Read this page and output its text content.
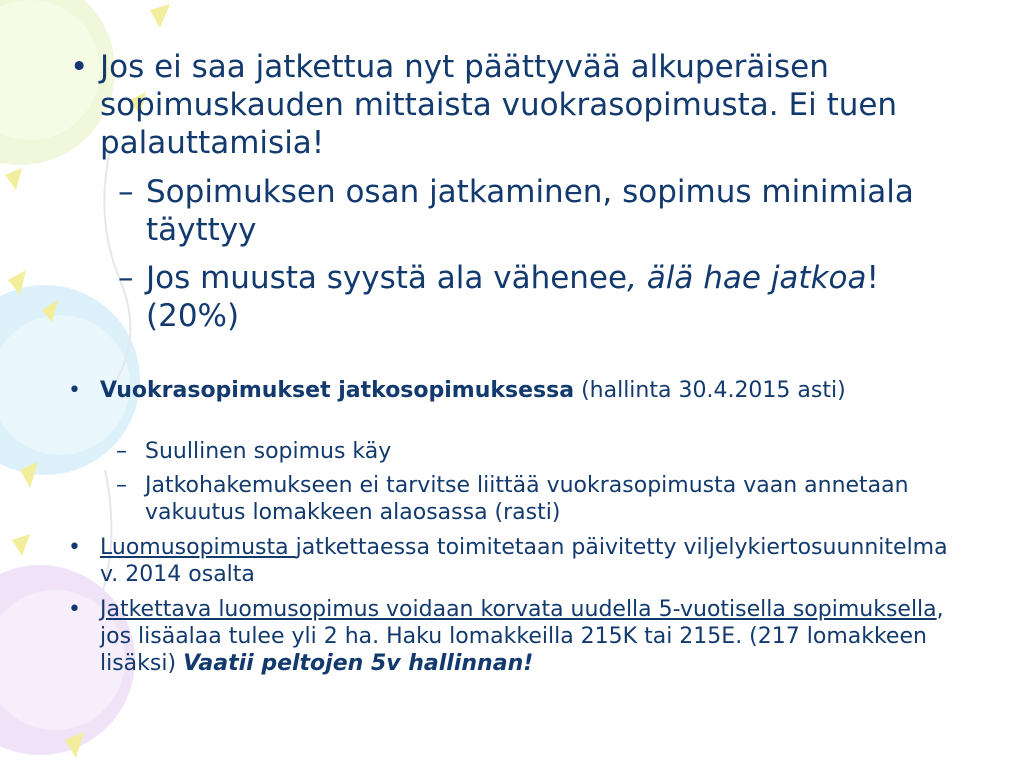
• Jos ei saa jatkettua nyt päättyvää alkuperäisen sopimuskauden mittaista vuokrasopimusta. Ei tuen palauttamisia!
– Sopimuksen osan jatkaminen, sopimus minimiala täyttyy
– Jos muusta syystä ala vähenee, älä hae jatkoa!(20%)
• Vuokrasopimukset jatkosopimuksessa (hallinta 30.4.2015 asti)
– Suullinen sopimus käy
– Jatkohakemukseen ei tarvitse liittää vuokrasopimusta vaan annetaan vakuutus lomakkeen alaosassa (rasti)
• Luomusopimusta jatkettaessa toimitetaan päivitetty viljelykiertosuunnitelma v. 2014 osalta
• Jatkettava luomusopimus voidaan korvata uudella 5-vuotisella sopimuksella, jos lisäalaa tulee yli 2 ha. Haku lomakkeilla 215K tai 215E. (217 lomakkeen lisäksi) Vaatii peltojen 5v hallinnan!
